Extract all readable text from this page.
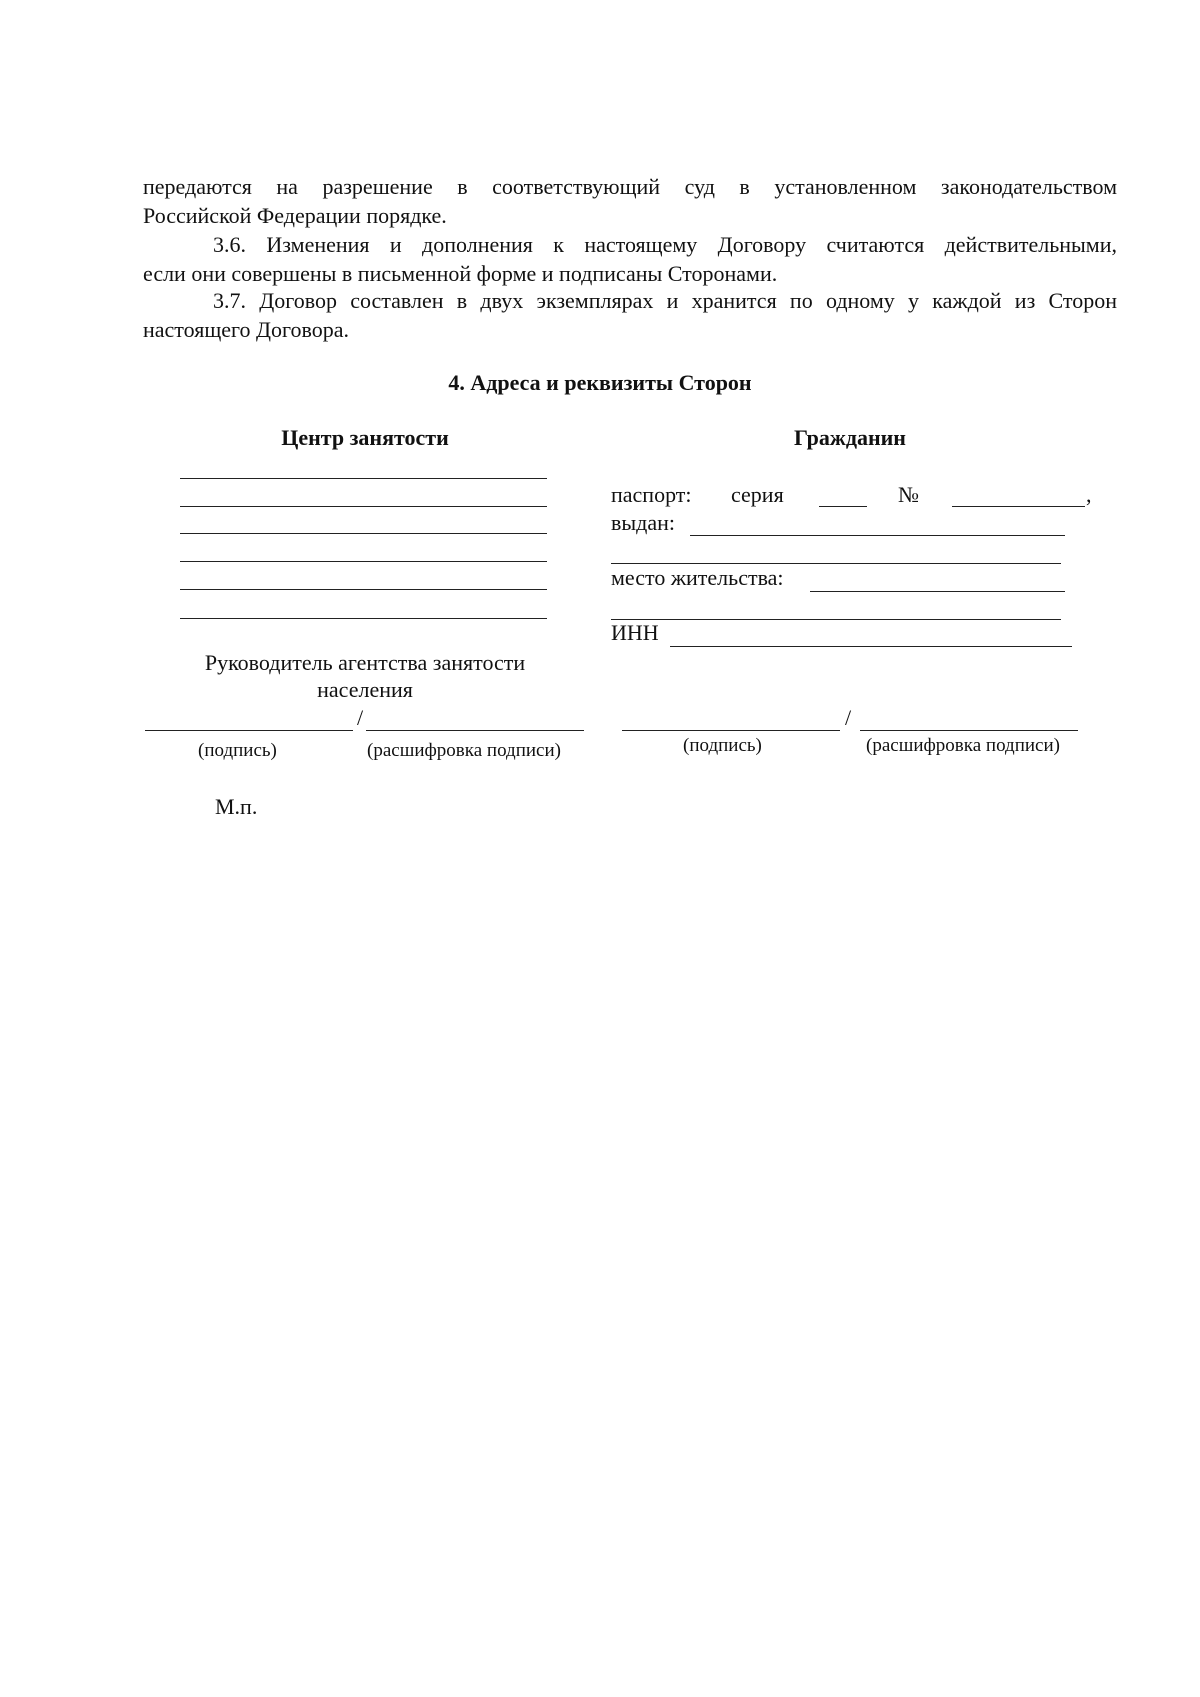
передаются на разрешение в соответствующий суд в установленном законодательством
Российской Федерации порядке.
3.6. Изменения и дополнения к настоящему Договору считаются действительными,
если они совершены в письменной форме и подписаны Сторонами.
3.7. Договор составлен в двух экземплярах и хранится по одному у каждой из Сторон
настоящего Договора.
4. Адреса и реквизиты Сторон
Центр занятости	Гражданин
паспорт: серия	№	,
выдан:
место жительства:
ИНН
Руководитель агентства занятости
населения
/
(подпись)	(расшифровка подписи)
/
(подпись)	(расшифровка подписи)
М.п.
